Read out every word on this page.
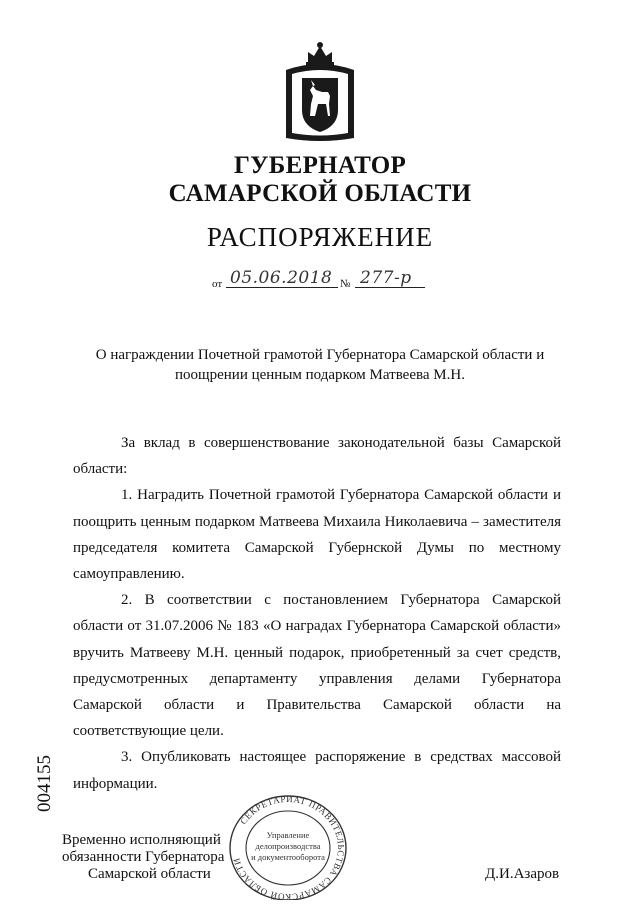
ГУБЕРНАТОР
САМАРСКОЙ ОБЛАСТИ
РАСПОРЯЖЕНИЕ
от 05.06.2018 № 277-р
О награждении Почетной грамотой Губернатора Самарской области и поощрении ценным подарком Матвеева М.Н.

За вклад в совершенствование законодательной базы Самарской области:

1. Наградить Почетной грамотой Губернатора Самарской области и поощрить ценным подарком Матвеева Михаила Николаевича – заместителя председателя комитета Самарской Губернской Думы по местному самоуправлению.

2. В соответствии с постановлением Губернатора Самарской области от 31.07.2006 № 183 «О наградах Губернатора Самарской области» вручить Матвееву М.Н. ценный подарок, приобретенный за счет средств, предусмотренных департаменту управления делами Губернатора Самарской области и Правительства Самарской области на соответствующие цели.

3. Опубликовать настоящее распоряжение в средствах массовой информации.

004155
Временно исполняющий
обязанности Губернатора
Самарской области	Д.И.Азаров
СЕКРЕТАРИАТ ПРАВИТЕЛЬСТВА САМАРСКОЙ ОБЛАСТИ
Управление
делопроизводства
и документооборота
